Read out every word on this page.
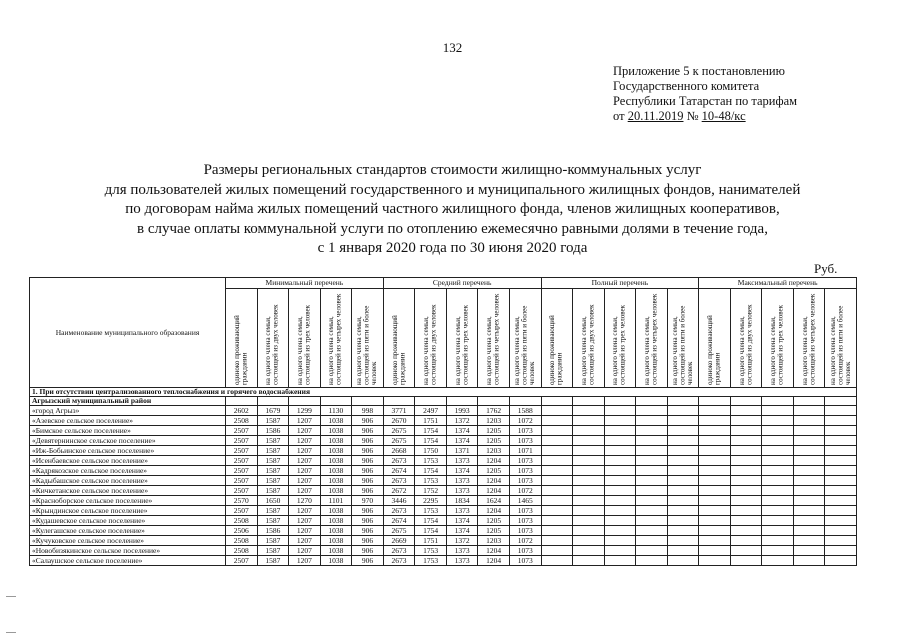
132
Приложение 5 к постановлению
Государственного комитета
Республики Татарстан по тарифам
от 20.11.2019 № 10-48/кс
Размеры региональных стандартов стоимости жилищно-коммунальных услуг
для пользователей жилых помещений государственного и муниципального жилищных фондов, нанимателей
по договорам найма жилых помещений частного жилищного фонда, членов жилищных кооперативов,
в случае оплаты коммунальной услуги по отоплению ежемесячно равными долями в течение года,
с 1 января 2020 года по 30 июня 2020 года
Руб.
Наименование муниципального образования	Минимальный перечень					Средний перечень					Полный перечень					Максимальный перечень				

	одиноко проживающий гражданин	на одного члена семьи, состоящей из двух человек	на одного члена семьи, состоящей из трех человек	на одного члена семьи, состоящей из четырех человек	на одного члена семьи, состоящей из пяти и более человек	одиноко проживающий гражданин	на одного члена семьи, состоящей из двух человек	на одного члена семьи, состоящей из трех человек	на одного члена семьи, состоящей из четырех человек	на одного члена семьи, состоящей из пяти и более человек	одиноко проживающий гражданин	на одного члена семьи, состоящей из двух человек	на одного члена семьи, состоящей из трех человек	на одного члена семьи, состоящей из четырех человек	на одного члена семьи, состоящей из пяти и более человек	одиноко проживающий гражданин	на одного члена семьи, состоящей из двух человек	на одного члена семьи, состоящей из трех человек	на одного члена семьи, состоящей из четырех человек	на одного члена семьи, состоящей из пяти и более человек

1. При отсутствии централизованного теплоснабжения и горячего водоснабжения																				
Агрызский муниципальный район																				
«город Агрыз»	2602	1679	1299	1130	998	3771	2497	1993	1762	1588										
«Азевское сельское поселение»	2508	1587	1207	1038	906	2670	1751	1372	1203	1072										
«Бимское сельское поселение»	2507	1586	1207	1038	906	2675	1754	1374	1205	1073										
«Девятернинское сельское поселение»	2507	1587	1207	1038	906	2675	1754	1374	1205	1073										
«Иж-Бобьинское сельское поселение»	2507	1587	1207	1038	906	2668	1750	1371	1203	1071										
«Исенбаевское сельское поселение»	2507	1587	1207	1038	906	2673	1753	1373	1204	1073										
«Кадрякозское сельское поселение»	2507	1587	1207	1038	906	2674	1754	1374	1205	1073										
«Кадыбашское сельское поселение»	2507	1587	1207	1038	906	2673	1753	1373	1204	1073										
«Кичкетанское сельское поселение»	2507	1587	1207	1038	906	2672	1752	1373	1204	1072										
«Красноборское сельское поселение»	2570	1650	1270	1101	970	3446	2295	1834	1624	1465										
«Крындинское сельское поселение»	2507	1587	1207	1038	906	2673	1753	1373	1204	1073										
«Кудашевское сельское поселение»	2508	1587	1207	1038	906	2674	1754	1374	1205	1073										
«Кулегашское сельское поселение»	2506	1586	1207	1038	906	2675	1754	1374	1205	1073										
«Кучуковское сельское поселение»	2508	1587	1207	1038	906	2669	1751	1372	1203	1072										
«Новобизякинское сельское поселение»	2508	1587	1207	1038	906	2673	1753	1373	1204	1073										
«Салаушское сельское поселение»	2507	1587	1207	1038	906	2673	1753	1373	1204	1073										
